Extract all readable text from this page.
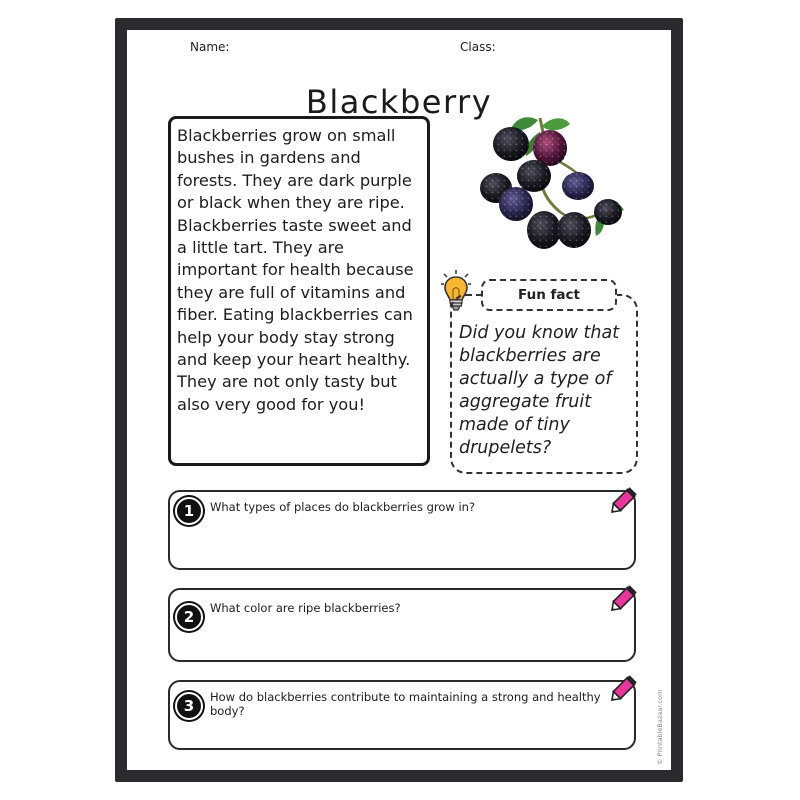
Name:	Class:
Blackberry

Blackberries grow on small bushes in gardens and forests. They are dark purple or black when they are ripe. Blackberries taste sweet and a little tart. They are important for health because they are full of vitamins and fiber. Eating blackberries can help your body stay strong and keep your heart healthy. They are not only tasty but also very good for you!

Fun fact

Did you know that blackberries are actually a type of aggregate fruit made of tiny drupelets?

1	What types of places do blackberries grow in?
2	What color are ripe blackberries?
3	How do blackberries contribute to maintaining a strong and healthy body?	© PrintableBazaar.com
